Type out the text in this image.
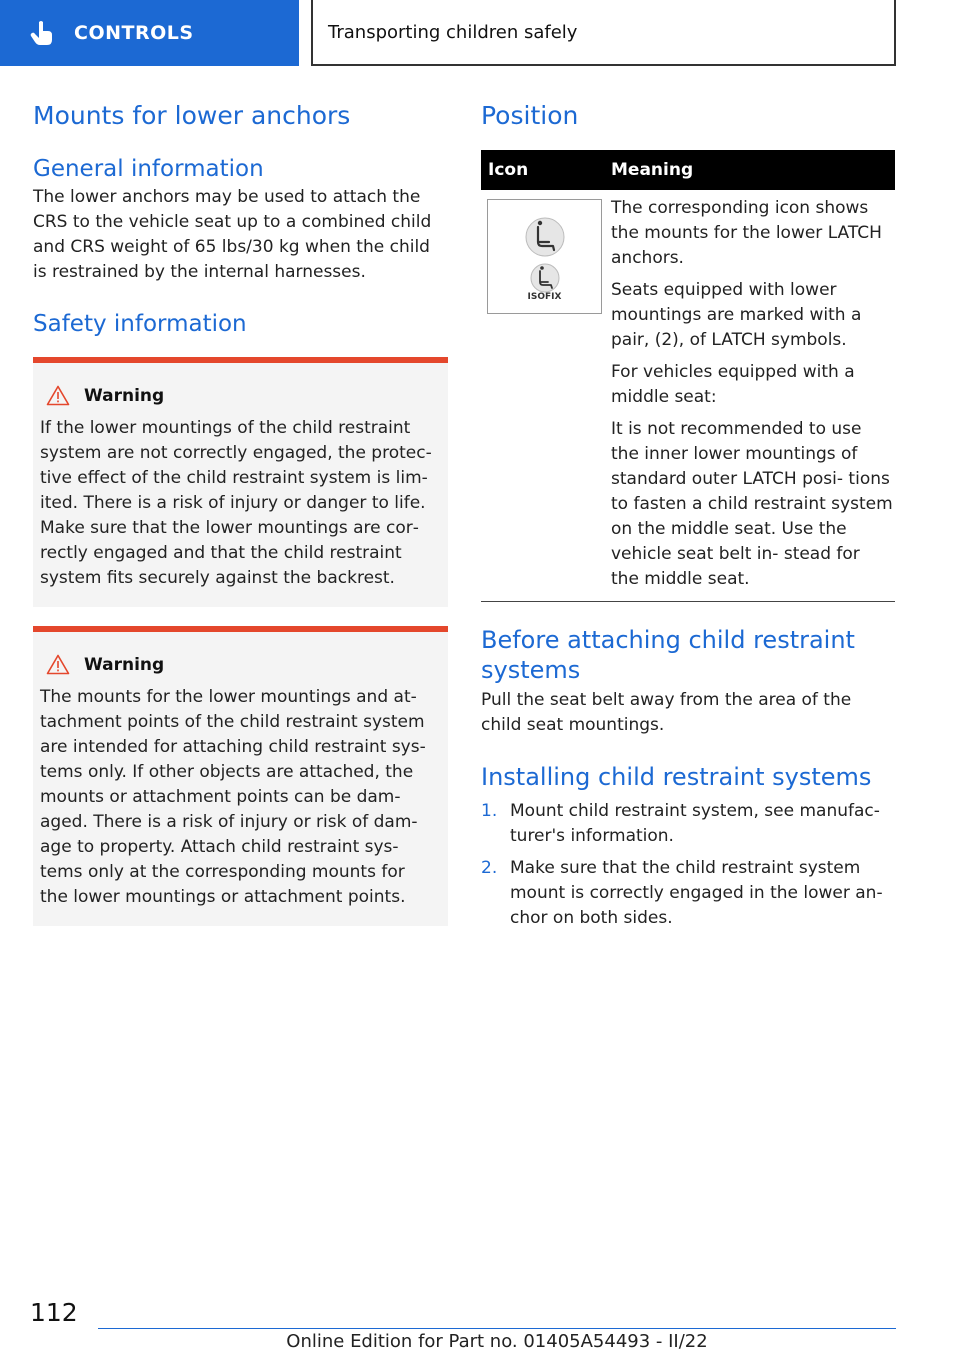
CONTROLS	Transporting children safely
Mounts for lower anchors
General information
The lower anchors may be used to attach the CRS to the vehicle seat up to a combined child and CRS weight of 65 lbs/30 kg when the child is restrained by the internal harnesses.
Safety information
Warning
If the lower mountings of the child restraint system are not correctly engaged, the protec‐ tive effect of the child restraint system is lim‐ ited. There is a risk of injury or danger to life. Make sure that the lower mountings are cor‐ rectly engaged and that the child restraint system fits securely against the backrest.
Warning
The mounts for the lower mountings and at‐ tachment points of the child restraint system are intended for attaching child restraint sys‐ tems only. If other objects are attached, the mounts or attachment points can be dam‐ aged. There is a risk of injury or risk of dam‐ age to property. Attach child restraint sys‐ tems only at the corresponding mounts for the lower mountings or attachment points.
Position
Icon	Meaning
ISOFIX
The corresponding icon shows the mounts for the lower LATCH anchors.
Seats equipped with lower mountings are marked with a pair, (2), of LATCH symbols.
For vehicles equipped with a middle seat:
It is not recommended to use the inner lower mountings of standard outer LATCH posi‐ tions to fasten a child restraint system on the middle seat. Use the vehicle seat belt in‐ stead for the middle seat.
Before attaching child restraint systems
Pull the seat belt away from the area of the child seat mountings.
Installing child restraint systems
1. Mount child restraint system, see manufac‐ turer's information.
2. Make sure that the child restraint system mount is correctly engaged in the lower an‐ chor on both sides.
112
Online Edition for Part no. 01405A54493 - II/22
